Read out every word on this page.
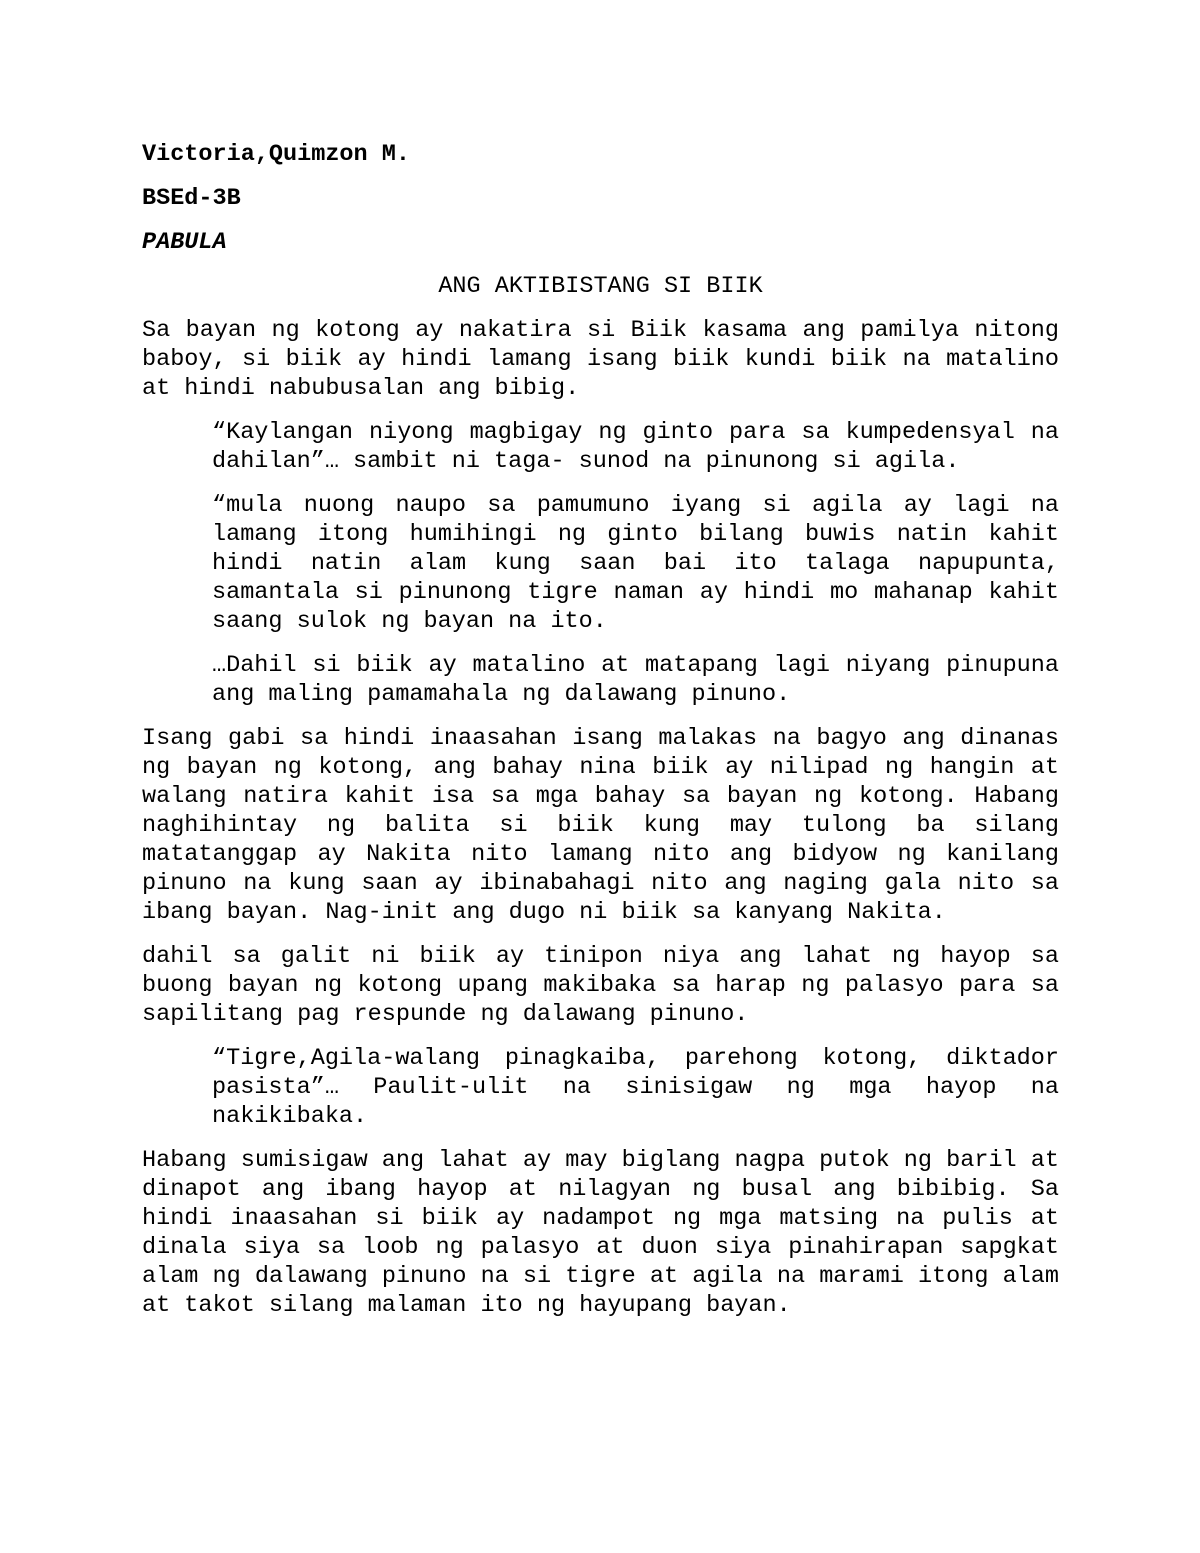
Victoria,Quimzon M.
BSEd-3B
PABULA
ANG AKTIBISTANG SI BIIK

Sa bayan ng kotong ay nakatira si Biik kasama ang pamilya nitong baboy, si biik ay hindi lamang isang biik kundi biik na matalino at hindi nabubusalan ang bibig.

“Kaylangan niyong magbigay ng ginto para sa kumpedensyal na dahilan”… sambit ni taga- sunod na pinunong si agila.

“mula nuong naupo sa pamumuno iyang si agila ay lagi na lamang itong humihingi ng ginto bilang buwis natin kahit hindi natin alam kung saan bai ito talaga napupunta, samantala si pinunong tigre naman ay hindi mo mahanap kahit saang sulok ng bayan na ito.

…Dahil si biik ay matalino at matapang lagi niyang pinupuna ang maling pamamahala ng dalawang pinuno.

Isang gabi sa hindi inaasahan isang malakas na bagyo ang dinanas ng bayan ng kotong, ang bahay nina biik ay nilipad ng hangin at walang natira kahit isa sa mga bahay sa bayan ng kotong. Habang naghihintay ng balita si biik kung may tulong ba silang matatanggap ay Nakita nito lamang nito ang bidyow ng kanilang pinuno na kung saan ay ibinabahagi nito ang naging gala nito sa ibang bayan. Nag-init ang dugo ni biik sa kanyang Nakita.

dahil sa galit ni biik ay tinipon niya ang lahat ng hayop sa buong bayan ng kotong upang makibaka sa harap ng palasyo para sa sapilitang pag respunde ng dalawang pinuno.

“Tigre,Agila-walang pinagkaiba, parehong kotong, diktador pasista”… Paulit-ulit na sinisigaw ng mga hayop na nakikibaka.

Habang sumisigaw ang lahat ay may biglang nagpa putok ng baril at dinapot ang ibang hayop at nilagyan ng busal ang bibibig. Sa hindi inaasahan si biik ay nadampot ng mga matsing na pulis at dinala siya sa loob ng palasyo at duon siya pinahirapan sapgkat alam ng dalawang pinuno na si tigre at agila na marami itong alam at takot silang malaman ito ng hayupang bayan.
